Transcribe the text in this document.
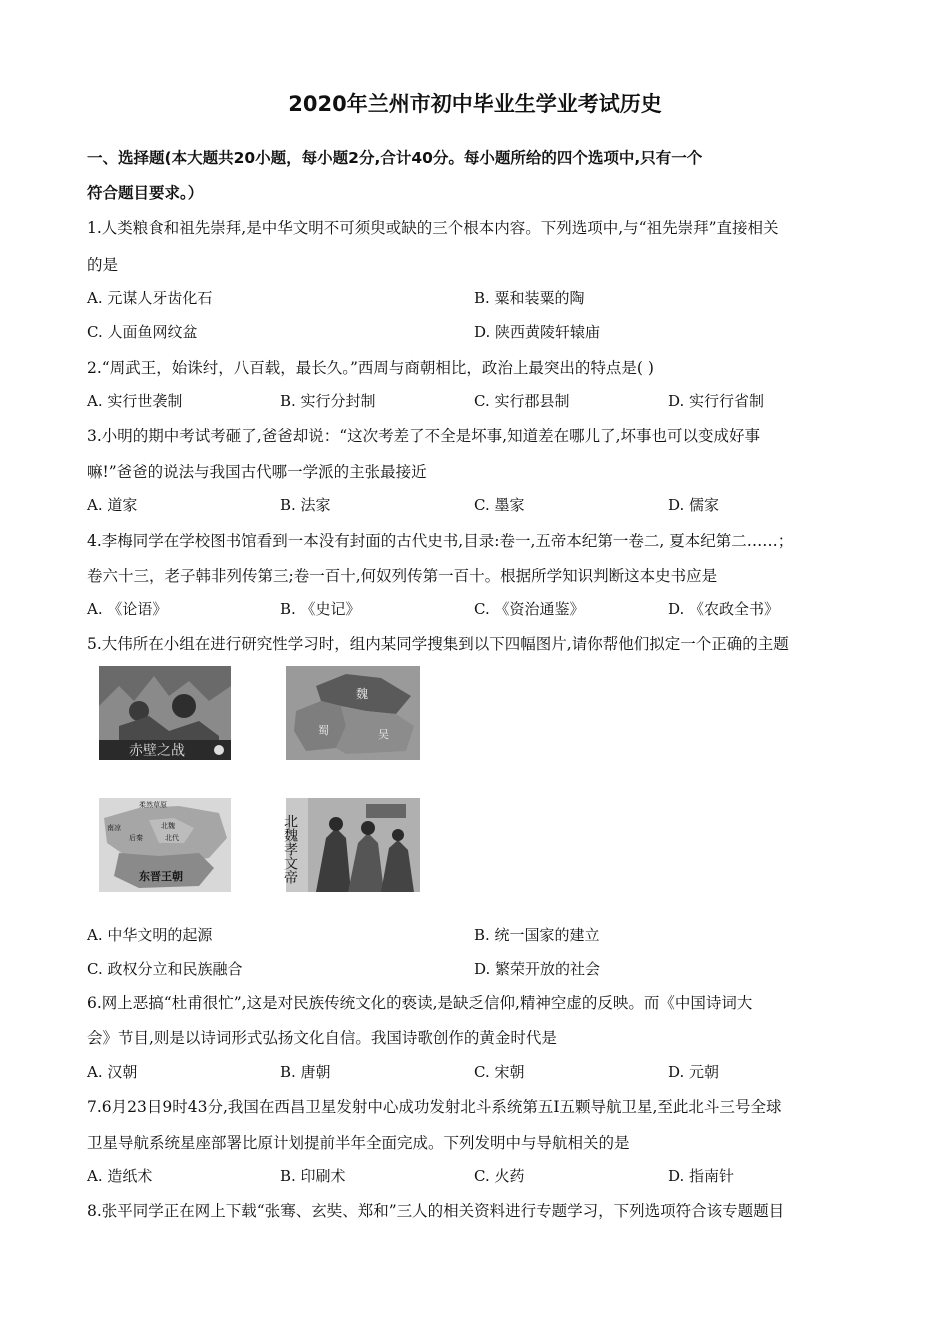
2020年兰州市初中毕业生学业考试历史
一、选择题(本大题共20小题，每小题2分,合计40分。每小题所给的四个选项中,只有一个
符合题目要求。）
1.人类粮食和祖先崇拜,是中华文明不可须臾或缺的三个根本内容。下列选项中,与“祖先崇拜”直接相关
的是
A. 元谋人牙齿化石	B. 粟和装粟的陶
C. 人面鱼网纹盆	D. 陕西黄陵轩辕庙
2.“周武王，始诛纣，八百载，最长久。”西周与商朝相比，政治上最突出的特点是( )
A. 实行世袭制	B. 实行分封制	C. 实行郡县制	D. 实行行省制
3.小明的期中考试考砸了,爸爸却说：“这次考差了不全是坏事,知道差在哪儿了,坏事也可以变成好事
嘛!”爸爸的说法与我国古代哪一学派的主张最接近
A. 道家	B. 法家	C. 墨家	D. 儒家
4.李梅同学在学校图书馆看到一本没有封面的古代史书,目录:卷一,五帝本纪第一卷二, 夏本纪第二……；
卷六十三，老子韩非列传第三;卷一百十,何奴列传第一百十。根据所学知识判断这本史书应是
A. 《论语》	B. 《史记》	C. 《资治通鉴》	D. 《农政全书》
5.大伟所在小组在进行研究性学习时，组内某同学搜集到以下四幅图片,请你帮他们拟定一个正确的主题
赤壁之战
魏
蜀	吴
柔然草原
北魏
北代
后秦
南凉
东晋王朝	北魏孝文帝
A. 中华文明的起源	B. 统一国家的建立
C. 政权分立和民族融合	D. 繁荣开放的社会
6.网上恶搞“杜甫很忙”,这是对民族传统文化的亵读,是缺乏信仰,精神空虚的反映。而《中国诗词大
会》节目,则是以诗词形式弘扬文化自信。我国诗歌创作的黄金时代是
A. 汉朝	B. 唐朝	C. 宋朝	D. 元朝
7.6月23日9时43分,我国在西昌卫星发射中心成功发射北斗系统第五Ⅰ五颗导航卫星,至此北斗三号全球
卫星导航系统星座部署比原计划提前半年全面完成。下列发明中与导航相关的是
A. 造纸术	B. 印刷术	C. 火药	D. 指南针
8.张平同学正在网上下载“张骞、玄奘、郑和”三人的相关资料进行专题学习，下列选项符合该专题题目
